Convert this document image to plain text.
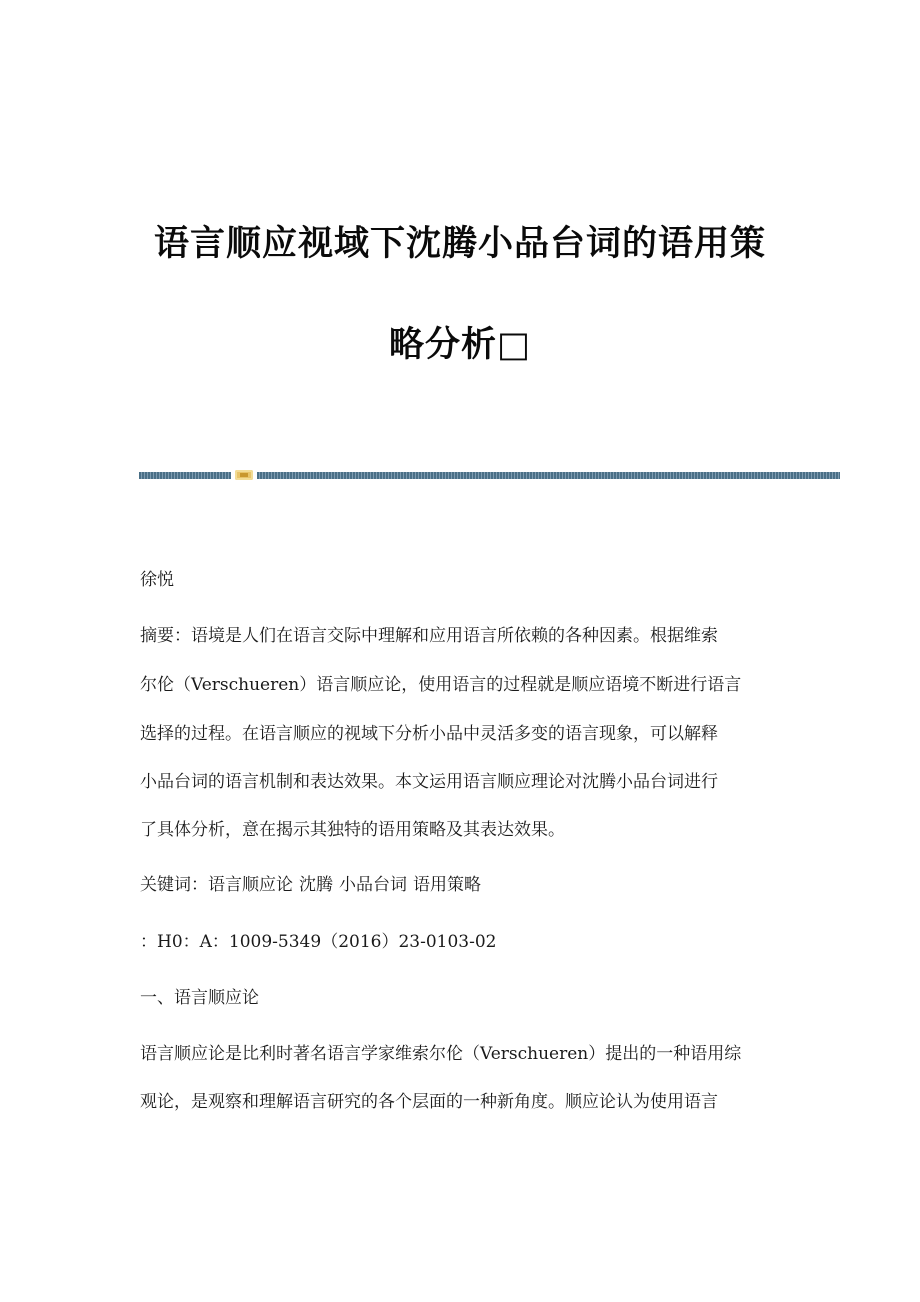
语言顺应视域下沈腾小品台词的语用策
略分析□
徐悦
摘要：语境是人们在语言交际中理解和应用语言所依赖的各种因素。根据维索
尔伦（Verschueren）语言顺应论，使用语言的过程就是顺应语境不断进行语言
选择的过程。在语言顺应的视域下分析小品中灵活多变的语言现象，可以解释
小品台词的语言机制和表达效果。本文运用语言顺应理论对沈腾小品台词进行
了具体分析，意在揭示其独特的语用策略及其表达效果。
关键词：语言顺应论 沈腾 小品台词 语用策略
：H0：A：1009-5349（2016）23-0103-02
一、语言顺应论
语言顺应论是比利时著名语言学家维索尔伦（Verschueren）提出的一种语用综
观论，是观察和理解语言研究的各个层面的一种新角度。顺应论认为使用语言
